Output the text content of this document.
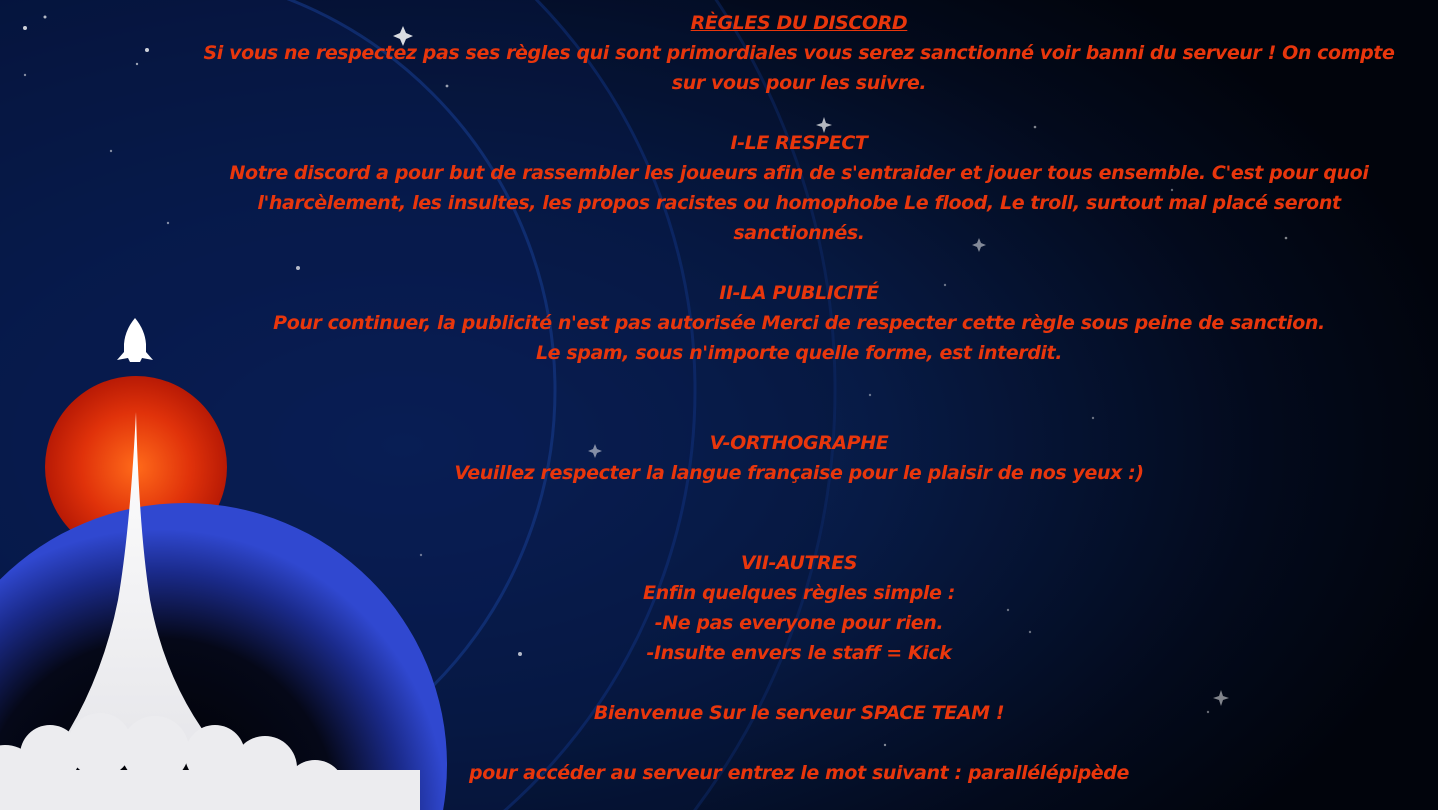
RÈGLES DU DISCORD
Si vous ne respectez pas ses règles qui sont primordiales vous serez sanctionné voir banni du serveur ! On compte sur vous pour les suivre.
I-LE RESPECT
Notre discord a pour but de rassembler les joueurs afin de s'entraider et jouer tous ensemble. C'est pour quoi l'harcèlement, les insultes, les propos racistes ou homophobe Le flood, Le troll, surtout mal placé seront sanctionnés.
II-LA PUBLICITÉ
Pour continuer, la publicité n'est pas autorisée Merci de respecter cette règle sous peine de sanction.
Le spam, sous n'importe quelle forme, est interdit.
V-ORTHOGRAPHE
Veuillez respecter la langue française pour le plaisir de nos yeux :)
VII-AUTRES
Enfin quelques règles simple :
-Ne pas everyone pour rien.
-Insulte envers le staff = Kick
Bienvenue Sur le serveur SPACE TEAM !
pour accéder au serveur entrez le mot suivant : parallélépipède
